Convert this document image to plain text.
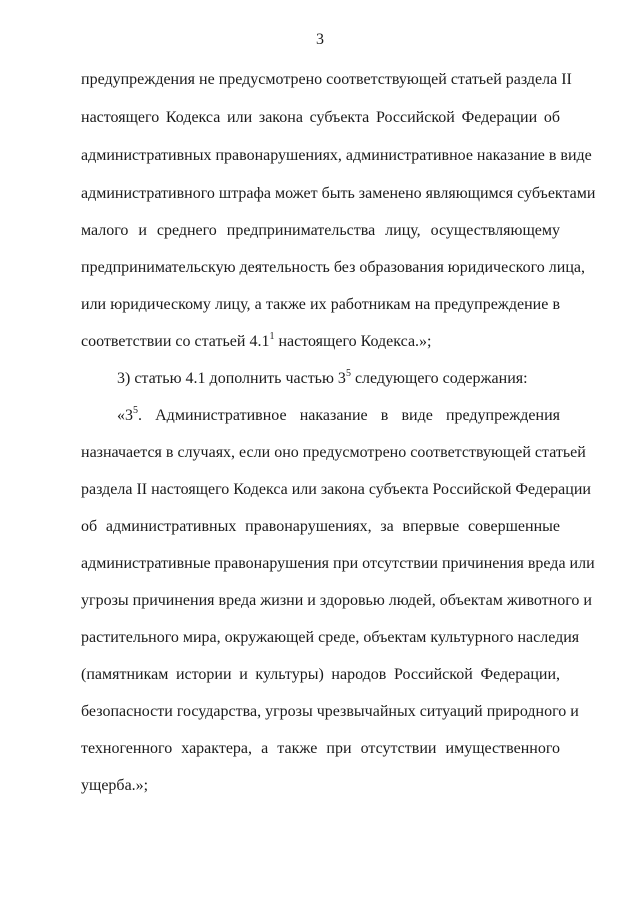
3
предупреждения не предусмотрено соответствующей статьей раздела II
настоящего Кодекса или закона субъекта Российской Федерации об
административных правонарушениях, административное наказание в виде
административного штрафа может быть заменено являющимся субъектами
малого и среднего предпринимательства лицу, осуществляющему
предпринимательскую деятельность без образования юридического лица,
или юридическому лицу, а также их работникам на предупреждение в
соответствии со статьей $4.1^1$ настоящего Кодекса.»;
3) статью 4.1 дополнить частью $3^5$ следующего содержания:
«$3^5$. Административное наказание в виде предупреждения
назначается в случаях, если оно предусмотрено соответствующей статьей
раздела II настоящего Кодекса или закона субъекта Российской Федерации
об административных правонарушениях, за впервые совершенные
административные правонарушения при отсутствии причинения вреда или
угрозы причинения вреда жизни и здоровью людей, объектам животного и
растительного мира, окружающей среде, объектам культурного наследия
(памятникам истории и культуры) народов Российской Федерации,
безопасности государства, угрозы чрезвычайных ситуаций природного и
техногенного характера, а также при отсутствии имущественного
ущерба.»;
